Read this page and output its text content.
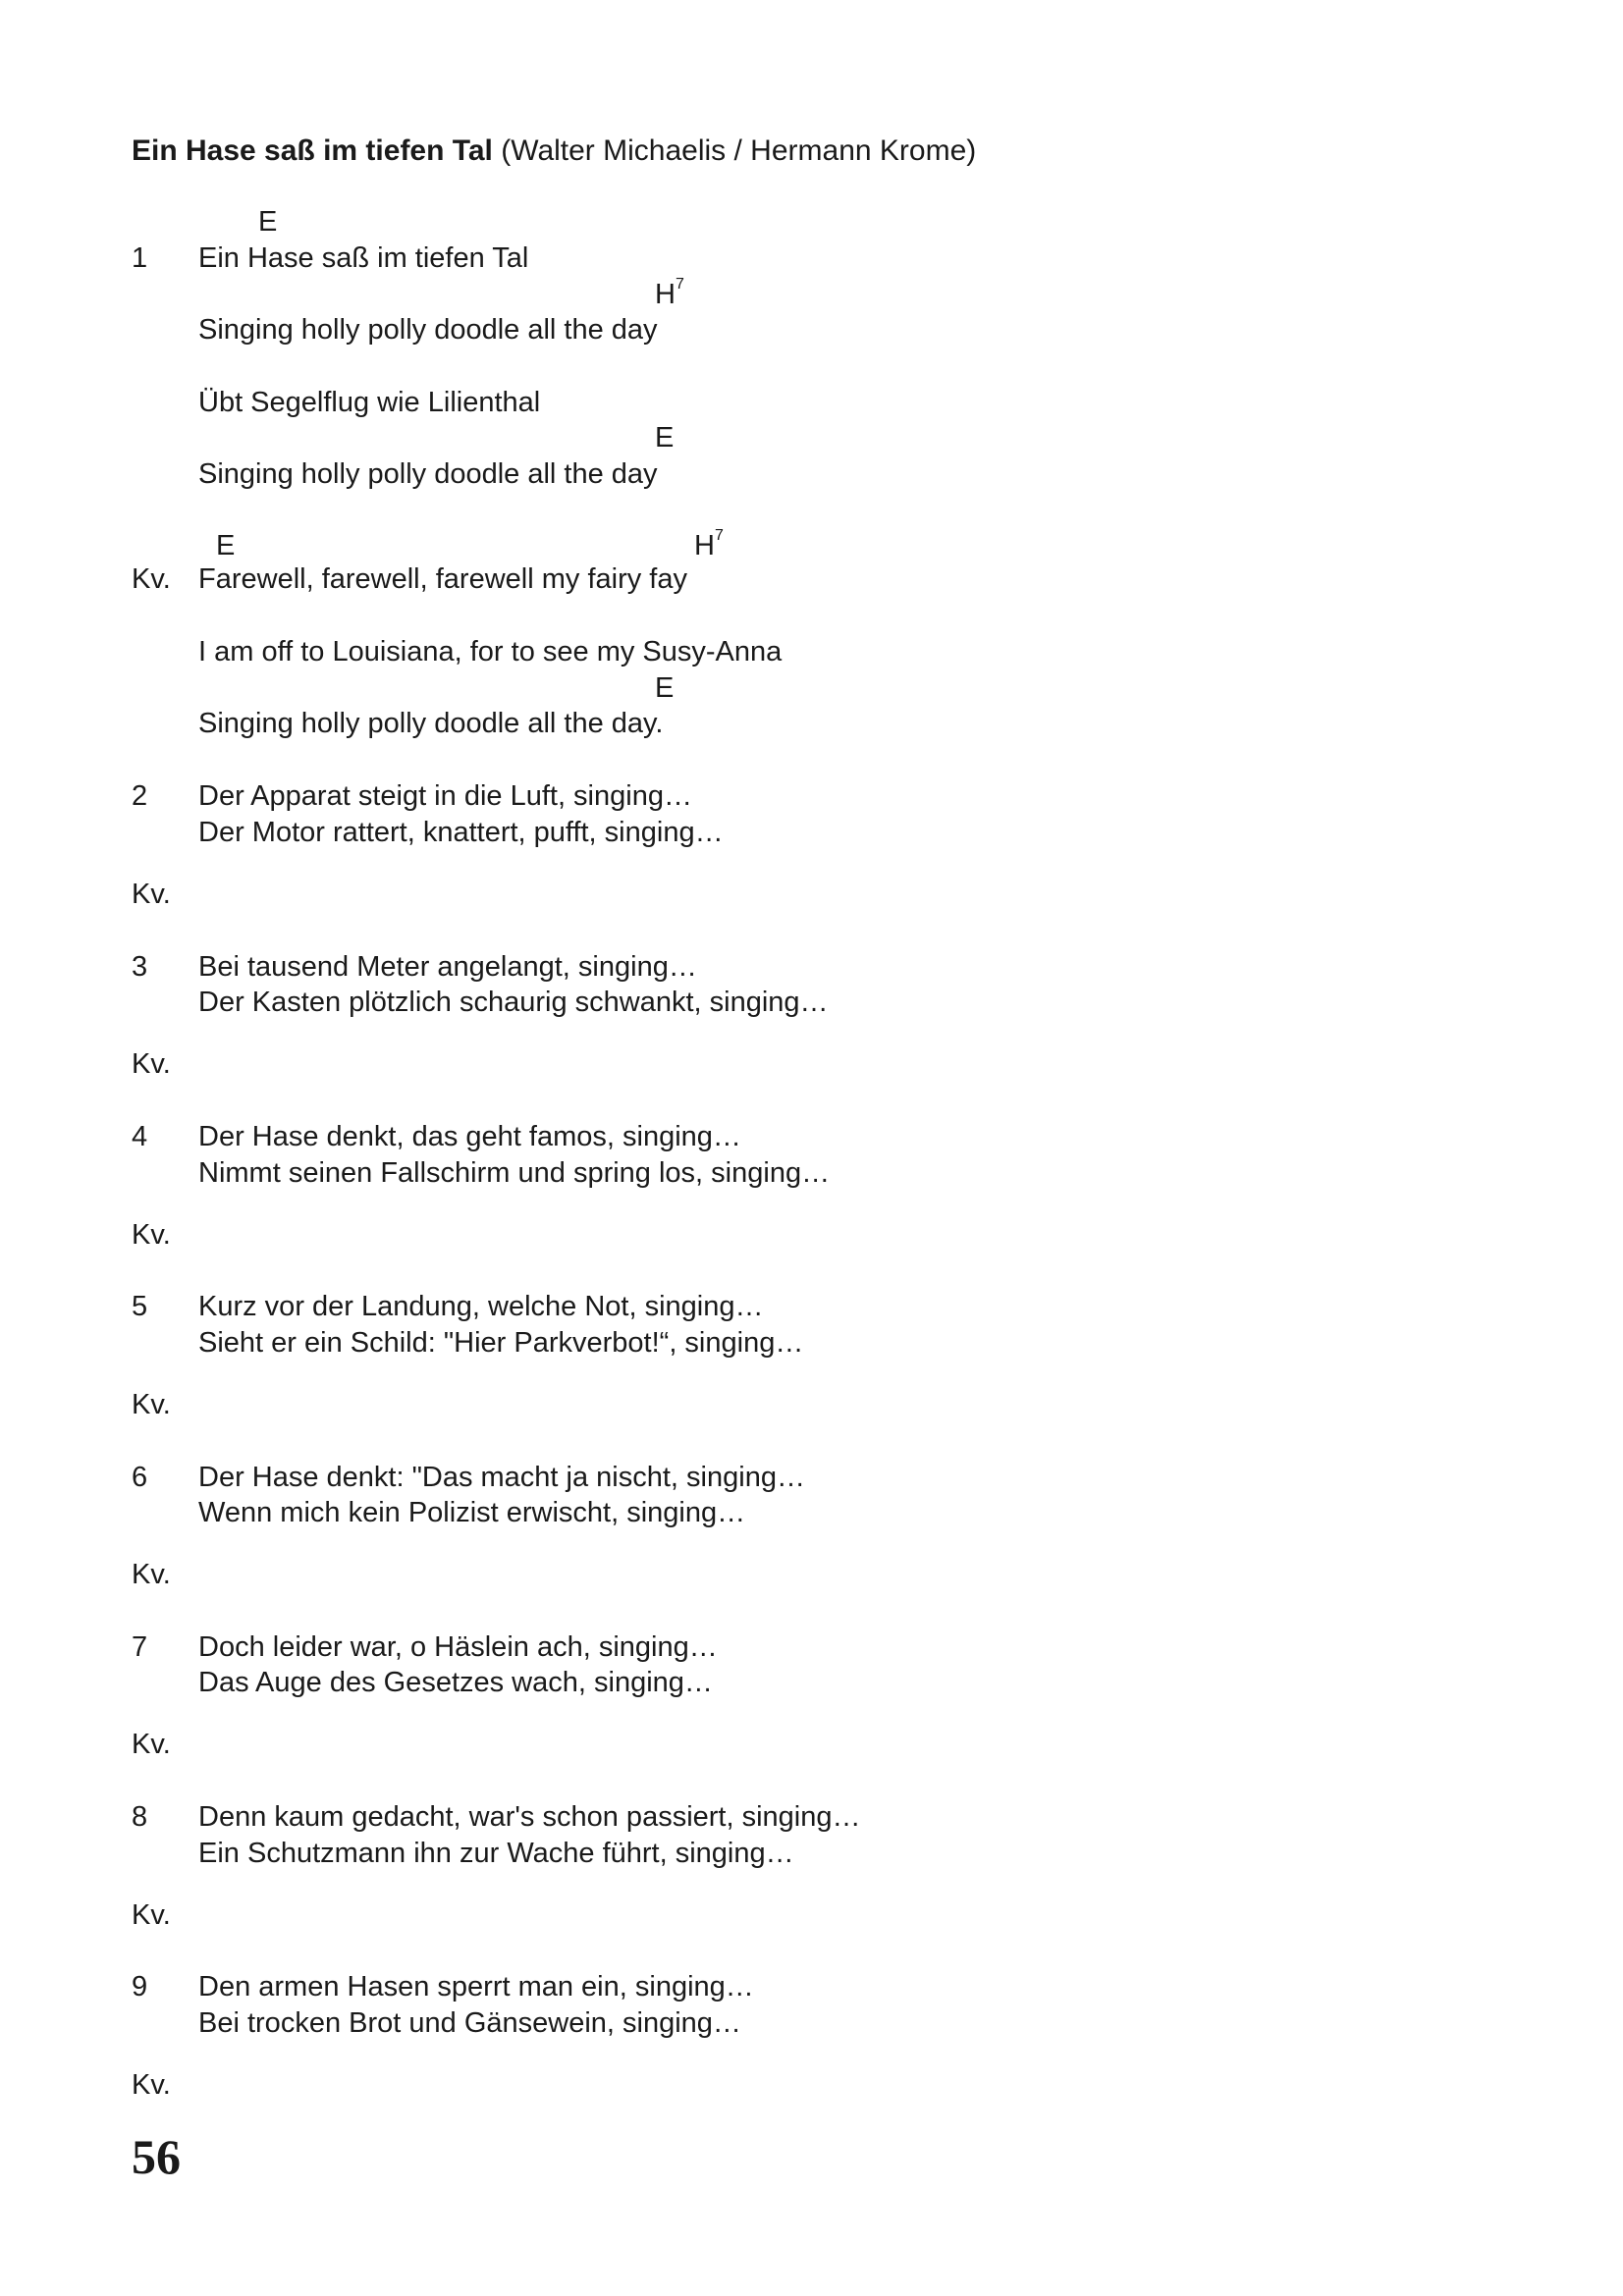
Ein Hase saß im tiefen Tal (Walter Michaelis / Hermann Krome)
E
1 Ein Hase saß im tiefen Tal
$H^7$
Singing holly polly doodle all the day
Übt Segelflug wie Lilienthal
E
Singing holly polly doodle all the day
E	$H^7$
Kv. Farewell, farewell, farewell my fairy fay
I am off to Louisiana, for to see my Susy-Anna
E
Singing holly polly doodle all the day.
2 Der Apparat steigt in die Luft, singing…
Der Motor rattert, knattert, pufft, singing…
Kv.
3 Bei tausend Meter angelangt, singing…
Der Kasten plötzlich schaurig schwankt, singing…
Kv.
4 Der Hase denkt, das geht famos, singing…
Nimmt seinen Fallschirm und spring los, singing…
Kv.
5 Kurz vor der Landung, welche Not, singing…
Sieht er ein Schild: "Hier Parkverbot!“, singing…
Kv.
6 Der Hase denkt: "Das macht ja nischt, singing…
Wenn mich kein Polizist erwischt, singing…
Kv.
7 Doch leider war, o Häslein ach, singing…
Das Auge des Gesetzes wach, singing…
Kv.
8 Denn kaum gedacht, war's schon passiert, singing…
Ein Schutzmann ihn zur Wache führt, singing…
Kv.
9 Den armen Hasen sperrt man ein, singing…
Bei trocken Brot und Gänsewein, singing…
Kv.
56
